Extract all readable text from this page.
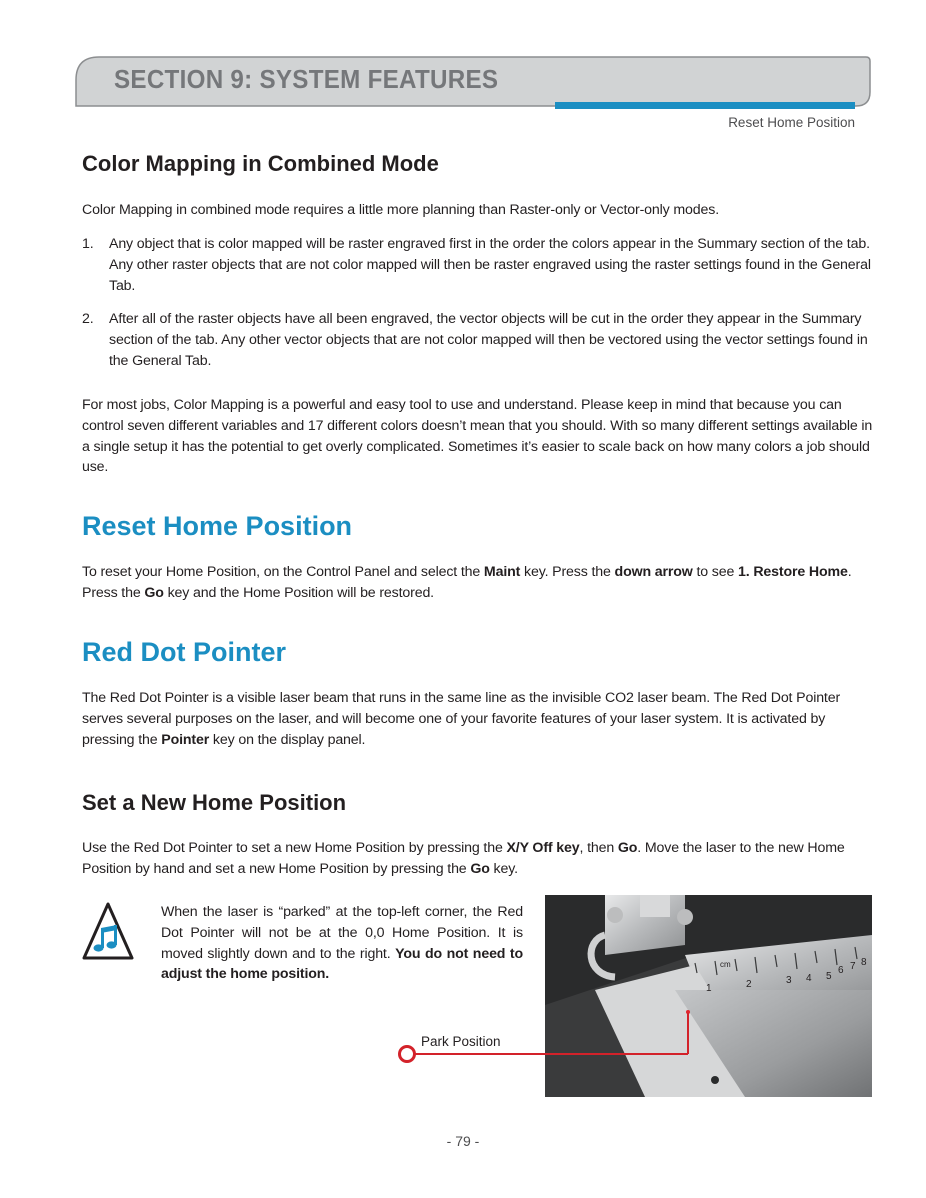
SECTION 9: SYSTEM FEATURES
Reset Home Position
Color Mapping in Combined Mode

Color Mapping in combined mode requires a little more planning than Raster-only or Vector-only modes.

1. Any object that is color mapped will be raster engraved first in the order the colors appear in the Summary section of the tab. Any other raster objects that are not color mapped will then be raster engraved using the raster settings found in the General Tab.
2. After all of the raster objects have all been engraved, the vector objects will be cut in the order they appear in the Summary section of the tab. Any other vector objects that are not color mapped will then be vectored using the vector settings found in the General Tab.

For most jobs, Color Mapping is a powerful and easy tool to use and understand. Please keep in mind that because you can control seven different variables and 17 different colors doesn’t mean that you should. With so many different settings available in a single setup it has the potential to get overly complicated. Sometimes it’s easier to scale back on how many colors a job should use.

Reset Home Position

To reset your Home Position, on the Control Panel and select the Maint key. Press the down arrow to see 1. Restore Home. Press the Go key and the Home Position will be restored.

Red Dot Pointer

The Red Dot Pointer is a visible laser beam that runs in the same line as the invisible CO2 laser beam. The Red Dot Pointer serves several purposes on the laser, and will become one of your favorite features of your laser system. It is activated by pressing the Pointer key on the display panel.

Set a New Home Position

Use the Red Dot Pointer to set a new Home Position by pressing the X/Y Off key, then Go. Move the laser to the new Home Position by hand and set a new Home Position by pressing the Go key.

When the laser is “parked” at the top-left corner, the Red Dot Pointer will not be at the 0,0 Home Position. It is moved slightly down and to the right. You do not need to adjust the home position.

1	2	3 4 5
6 7 8
cm
Park Position
- 79 -
